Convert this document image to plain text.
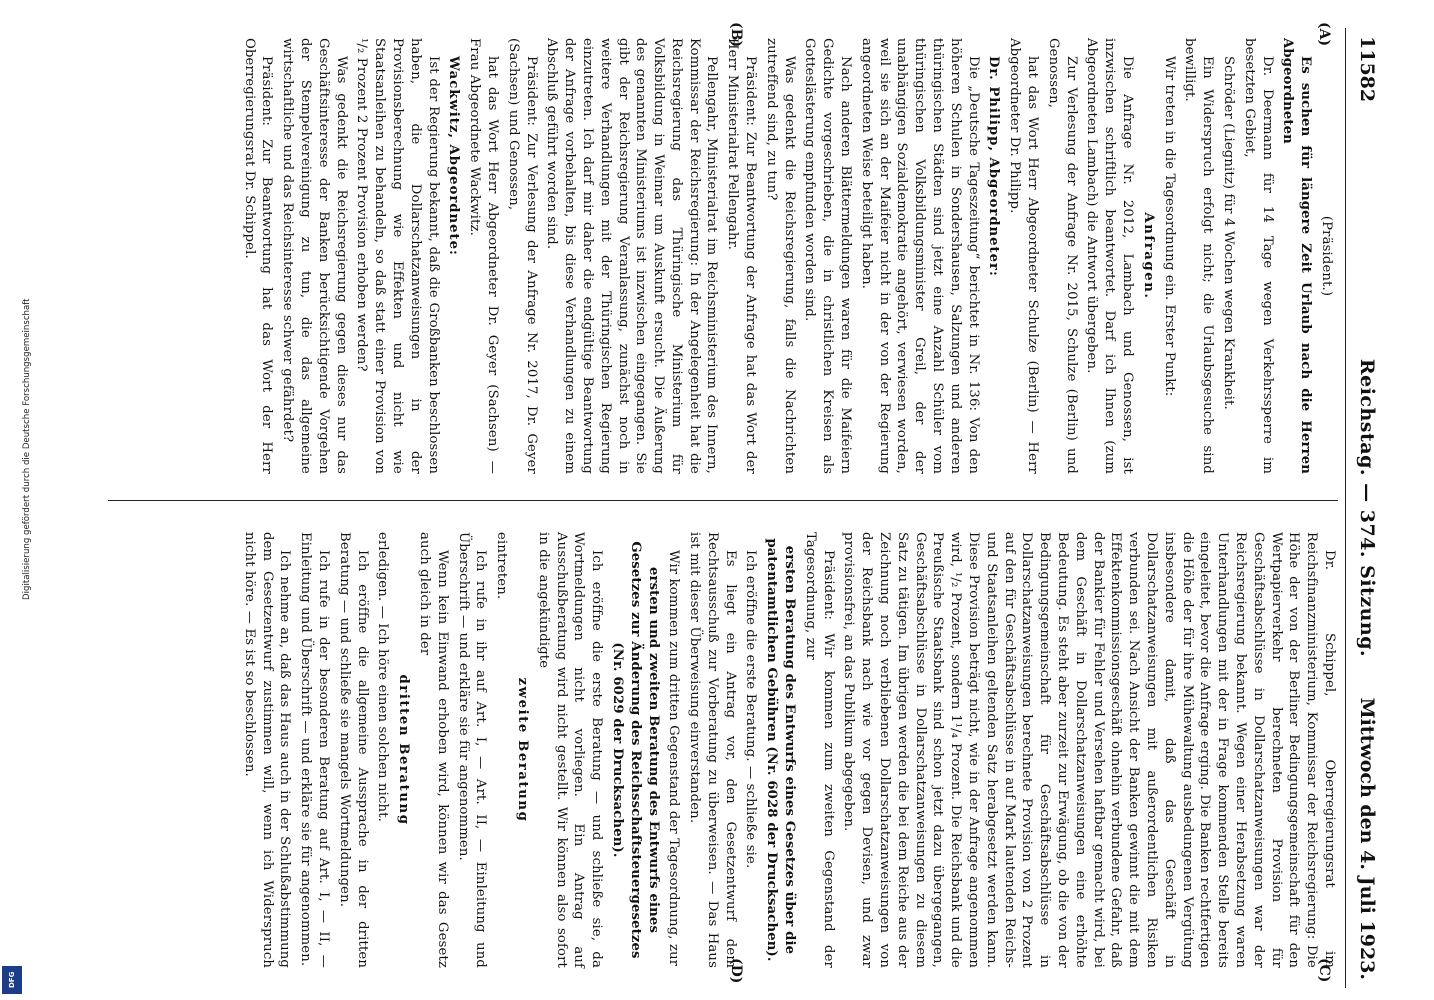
11582
Reichstag. — 374. Sitzung.
Mittwoch den 4. Juli 1923.
(A)
(B)
(C)
(D)

(Präsident.)

Es suchen für längere Zeit Urlaub nach die Herren Abgeordneten

Dr. Deermann für 14 Tage wegen Verkehrssperre im besetzten Gebiet,

Schröder (Liegnitz) für 4 Wochen wegen Krankheit.

Ein Widerspruch erfolgt nicht; die Urlaubsgesuche sind bewilligt.

Wir treten in die Tagesordnung ein. Erster Punkt:

Anfragen.

Die Anfrage Nr. 2012, Lambach und Genossen, ist inzwischen schriftlich beantwortet. Darf ich Ihnen (zum Abgeordneten Lambach) die Antwort übergeben.

Zur Verlesung der Anfrage Nr. 2015, Schulze (Berlin) und Genossen,

hat das Wort Herr Abgeordneter Schulze (Berlin) — Herr Abgeordneter Dr. Philipp.

Dr. Philipp, Abgeordneter:

Die „Deutsche Tageszeitung“ berichtet in Nr. 136: Von den höheren Schulen in Sondershausen, Salzungen und anderen thüringischen Städten sind jetzt eine Anzahl Schüler vom thüringischen Volksbildungsminister Greil, der der unabhängigen Sozialdemokratie angehört, verwiesen worden, weil sie sich an der Maifeier nicht in der von der Regierung angeordneten Weise beteiligt haben.

Nach anderen Blättermeldungen waren für die Maifeiern Gedichte vorgeschrieben, die in christlichen Kreisen als Gotteslästerung empfunden worden sind.

Was gedenkt die Reichsregierung, falls die Nachrichten zutreffend sind, zu tun?

Präsident: Zur Beantwortung der Anfrage hat das Wort der Herr Ministerialrat Pellengahr.

Pellengahr, Ministerialrat im Reichsministerium des Innern, Kommissar der Reichsregierung: In der Angelegenheit hat die Reichsregierung das Thüringische Ministerium für Volksbildung in Weimar um Auskunft ersucht. Die Äußerung des genannten Ministeriums ist inzwischen eingegangen. Sie gibt der Reichsregierung Veranlassung, zunächst noch in weitere Verhandlungen mit der Thüringischen Regierung einzutreten. Ich darf mir daher die endgültige Beantwortung der Anfrage vorbehalten, bis diese Verhandlungen zu einem Abschluß geführt worden sind.

Präsident: Zur Verlesung der Anfrage Nr. 2017, Dr. Geyer (Sachsen) und Genossen,

hat das Wort Herr Abgeordneter Dr. Geyer (Sachsen) — Frau Abgeordnete Wackwitz.

Wackwitz, Abgeordnete:

Ist der Regierung bekannt, daß die Großbanken beschlossen haben, die Dollarschatzanweisungen in der Provisionsberechnung wie Effekten und nicht wie Staatsanleihen zu behandeln, so daß statt einer Provision von ¹/₂ Prozent 2 Prozent Provision erhoben werden?

Was gedenkt die Reichsregierung gegen dieses nur das Geschäftsinteresse der Banken berücksichtigende Vorgehen der Stempelvereinigung zu tun, die das allgemeine wirtschaftliche und das Reichsinteresse schwer gefährdet?

Präsident: Zur Beantwortung hat das Wort der Herr Oberregierungsrat Dr. Schippel.

Dr. Schippel, Oberregierungsrat im Reichsfinanzministerium, Kommissar der Reichsregierung: Die Höhe der von der Berliner Bedingungsgemeinschaft für den Wertpapierverkehr berechneten Provision für Geschäftsabschlüsse in Dollarschatzanweisungen war der Reichsregierung bekannt. Wegen einer Herabsetzung waren Unterhandlungen mit der in Frage kommenden Stelle bereits eingeleitet, bevor die Anfrage erging. Die Banken rechtfertigen die Höhe der für ihre Mühewaltung ausbedungenen Vergütung insbesondere damit, daß das Geschäft in Dollarschatzanweisungen mit außerordentlichen Risiken verbunden sei. Nach Ansicht der Banken gewinnt die mit dem Effektenkommissionsgeschäft ohnehin verbundene Gefahr, daß der Bankier für Fehler und Versehen haftbar gemacht wird, bei dem Geschäft in Dollarschatzanweisungen eine erhöhte Bedeutung. Es steht aber zurzeit zur Erwägung, ob die von der Bedingungsgemeinschaft für Geschäftsabschlüsse in Dollarschatzanweisungen berechnete Provision von 2 Prozent auf den für Geschäftsabschlüsse in auf Mark lautenden Reichs- und Staatsanleihen geltenden Satz herabgesetzt werden kann. Diese Provision beträgt nicht, wie in der Anfrage angenommen wird, ¹/₂ Prozent, sondern 1¹/₄ Prozent. Die Reichsbank und die Preußische Staatsbank sind schon jetzt dazu übergegangen, Geschäftsabschlüsse in Dollarschatzanweisungen zu diesem Satz zu tätigen. Im übrigen werden die bei dem Reiche aus der Zeichnung noch verbliebenen Dollarschatzanweisungen von der Reichsbank nach wie vor gegen Devisen, und zwar provisionsfrei, an das Publikum abgegeben.

Präsident: Wir kommen zum zweiten Gegenstand der Tagesordnung, zur

ersten Beratung des Entwurfs eines Gesetzes über die patentamtlichen Gebühren (Nr. 6028 der Drucksachen).

Ich eröffne die erste Beratung. — schließe sie.

Es liegt ein Antrag vor, den Gesetzentwurf dem Rechtsausschuß zur Vorberatung zu überweisen. — Das Haus ist mit dieser Überweisung einverstanden.

Wir kommen zum dritten Gegenstand der Tagesordnung, zur

ersten und zweiten Beratung des Entwurfs eines Gesetzes zur Änderung des Reichsschaftsteuergesetzes (Nr. 6029 der Drucksachen).

Ich eröffne die erste Beratung — und schließe sie, da Wortmeldungen nicht vorliegen. Ein Antrag auf Ausschußberatung wird nicht gestellt. Wir können also sofort in die angekündigte

zweite Beratung

eintreten.

Ich rufe in ihr auf Art. I, — Art. II, — Einleitung und Überschrift — und erkläre sie für angenommen.

Wenn kein Einwand erhoben wird, können wir das Gesetz auch gleich in der

dritten Beratung

erledigen. — Ich höre einen solchen nicht.

Ich eröffne die allgemeine Aussprache in der dritten Beratung — und schließe sie mangels Wortmeldungen.

Ich rufe in der besonderen Beratung auf Art. I, — II, — Einleitung und Überschrift — und erkläre sie für angenommen.

Ich nehme an, daß das Haus auch in der Schlußabstimmung dem Gesetzentwurf zustimmen will, wenn ich Widerspruch nicht höre. — Es ist so beschlossen.

Digitalisierung gefördert durch die Deutsche Forschungsgemeinschaft
DFG
